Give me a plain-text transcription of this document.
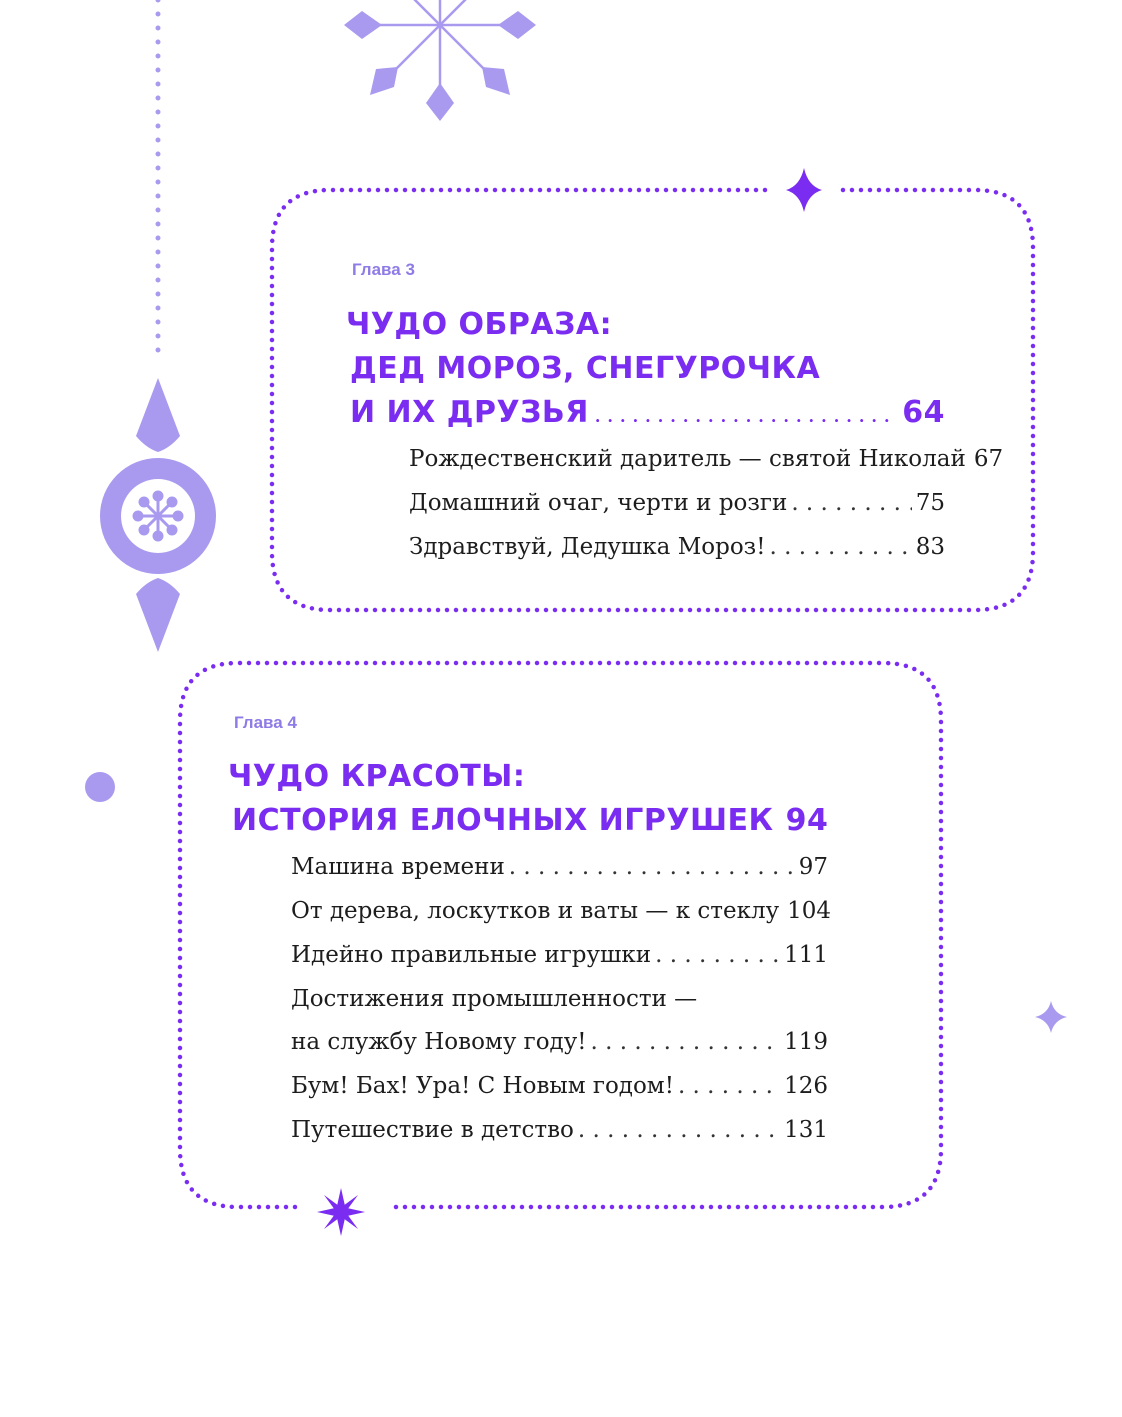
Глава 3
ЧУДО ОБРАЗА:
ДЕД МОРОЗ, СНЕГУРОЧКА
И ИХ ДРУЗЬЯ .....	64
Рождественский даритель — святой Николай 67
Домашний очаг, черти и розги . . .	75
Здравствуй, Дедушка Мороз! . . .	83
Глава 4
ЧУДО КРАСОТЫ:
ИСТОРИЯ ЕЛОЧНЫХ ИГРУШЕК 94
Машина времени . . .	97
От дерева, лоскутков и ваты — к стеклу 104
Идейно правильные игрушки . . .	111
Достижения промышленности —
на службу Новому году! . . .	119
Бум! Бах! Ура! С Новым годом! . . .	126
Путешествие в детство . . .	131
